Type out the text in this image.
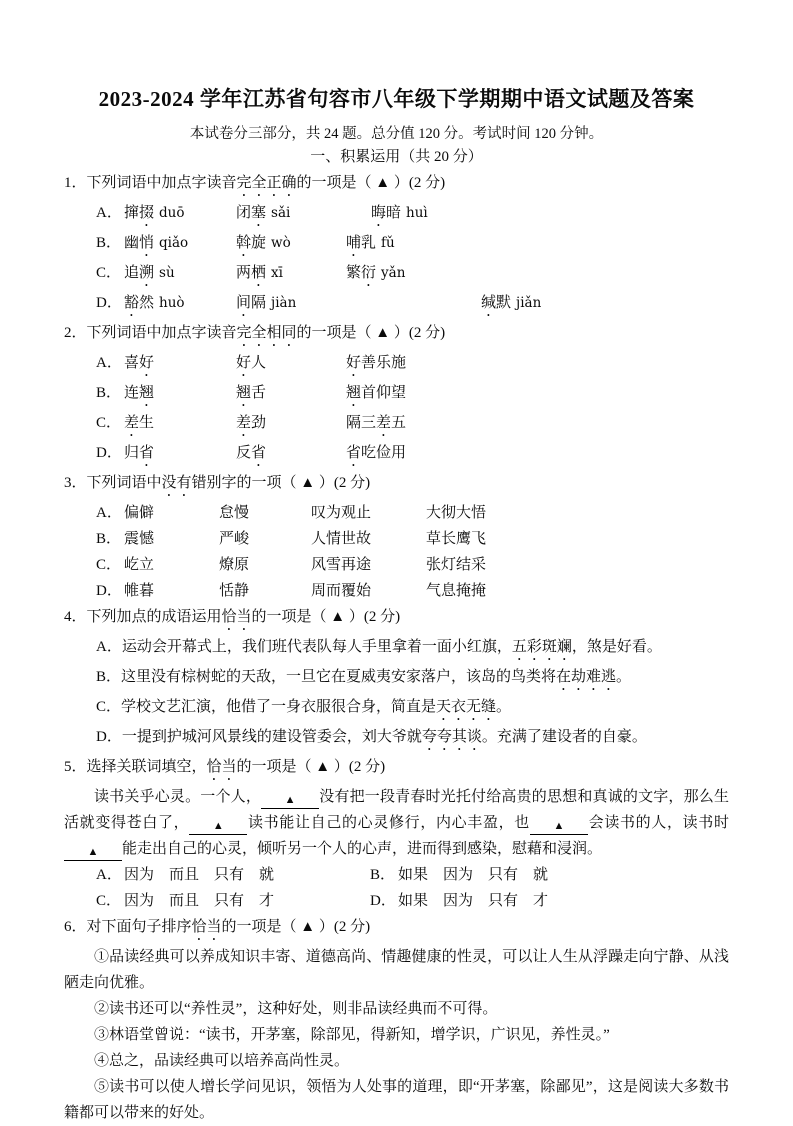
2023-2024 学年江苏省句容市八年级下学期期中语文试题及答案

本试卷分三部分，共 24 题。总分值 120 分。考试时间 120 分钟。

一、积累运用（共 20 分）

1．下列词语中加点字读音完全正确的一项是（ ▲ ）(2 分)
A． 撺掇 duō	闭塞 sǎi	晦暗 huì
B． 幽悄 qiǎo	斡旋 wò	哺乳 fǔ
C． 追溯 sù	两栖 xī	繁衍 yǎn
D． 豁然 huò	间隔 jiàn	缄默 jiǎn
2．下列词语中加点字读音完全相同的一项是（ ▲ ）(2 分)
A． 喜好	好人	好善乐施
B． 连翘	翘舌	翘首仰望
C． 差生	差劲	隔三差五
D． 归省	反省	省吃俭用
3．下列词语中没有错别字的一项（ ▲ ）(2 分)
A． 偏僻	怠慢	叹为观止	大彻大悟
B． 震憾	严峻	人情世故	草长鹰飞
C． 屹立	燎原	风雪再途	张灯结采
D． 帷暮	恬静	周而覆始	气息掩掩
4．下列加点的成语运用恰当的一项是（ ▲ ）(2 分)
A．运动会开幕式上，我们班代表队每人手里拿着一面小红旗，五彩斑斓，煞是好看。
B．这里没有棕树蛇的天敌，一旦它在夏威夷安家落户，该岛的鸟类将在劫难逃。
C．学校文艺汇演，他借了一身衣服很合身，简直是天衣无缝。
D．一提到护城河风景线的建设管委会，刘大爷就夸夸其谈。充满了建设者的自豪。
5．选择关联词填空，恰当的一项是（ ▲ ）(2 分)

读书关乎心灵。一个人， ▲ 没有把一段青春时光托付给高贵的思想和真诚的文字，那么生活就变得苍白了， ▲ 读书能让自己的心灵修行，内心丰盈，也 ▲ 会读书的人，读书时▲ 能走出自己的心灵，倾听另一个人的心声，进而得到感染，慰藉和浸润。

A． 因为　而且　只有　就	B． 如果　因为　只有　就
C． 因为　而且　只有　才	D． 如果　因为　只有　才
6．对下面句子排序恰当的一项是（ ▲ ）(2 分)

①品读经典可以养成知识丰寄、道德高尚、情趣健康的性灵，可以让人生从浮躁走向宁静、从浅陋走向优雅。

②读书还可以“养性灵”，这种好处，则非品读经典而不可得。

③林语堂曾说：“读书，开茅塞，除部见，得新知，增学识，广识见，养性灵。”

④总之，品读经典可以培养高尚性灵。

⑤读书可以使人增长学问见识，领悟为人处事的道理，即“开茅塞，除鄙见”，这是阅读大多数书籍都可以带来的好处。
